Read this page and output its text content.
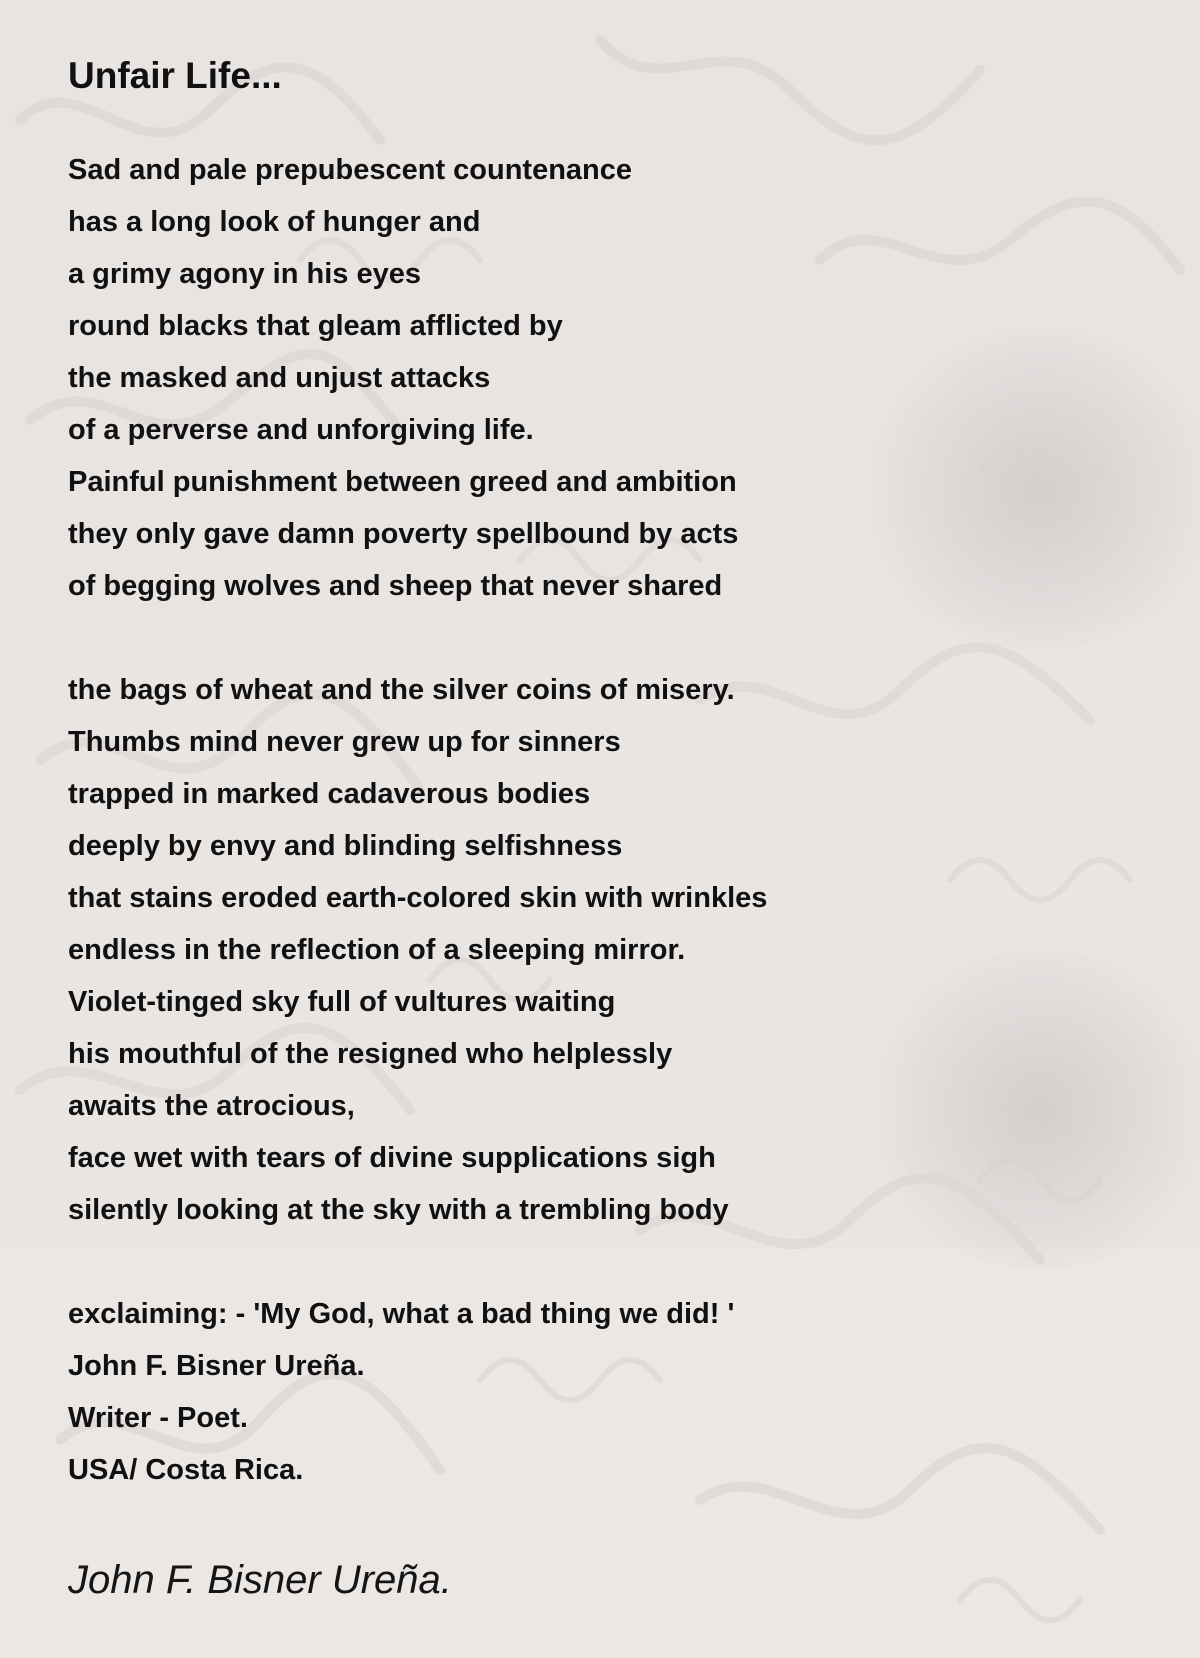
Unfair Life...
Sad and pale prepubescent countenance
has a long look of hunger and
a grimy agony in his eyes
round blacks that gleam afflicted by
the masked and unjust attacks
of a perverse and unforgiving life.
Painful punishment between greed and ambition
they only gave damn poverty spellbound by acts
of begging wolves and sheep that never shared
the bags of wheat and the silver coins of misery.
Thumbs mind never grew up for sinners
trapped in marked cadaverous bodies
deeply by envy and blinding selfishness
that stains eroded earth-colored skin with wrinkles
endless in the reflection of a sleeping mirror.
Violet-tinged sky full of vultures waiting
his mouthful of the resigned who helplessly
awaits the atrocious,
face wet with tears of divine supplications sigh
silently looking at the sky with a trembling body
exclaiming: - 'My God, what a bad thing we did! '
John F. Bisner Ureña.
Writer - Poet.
USA/ Costa Rica.
John F. Bisner Ureña.
